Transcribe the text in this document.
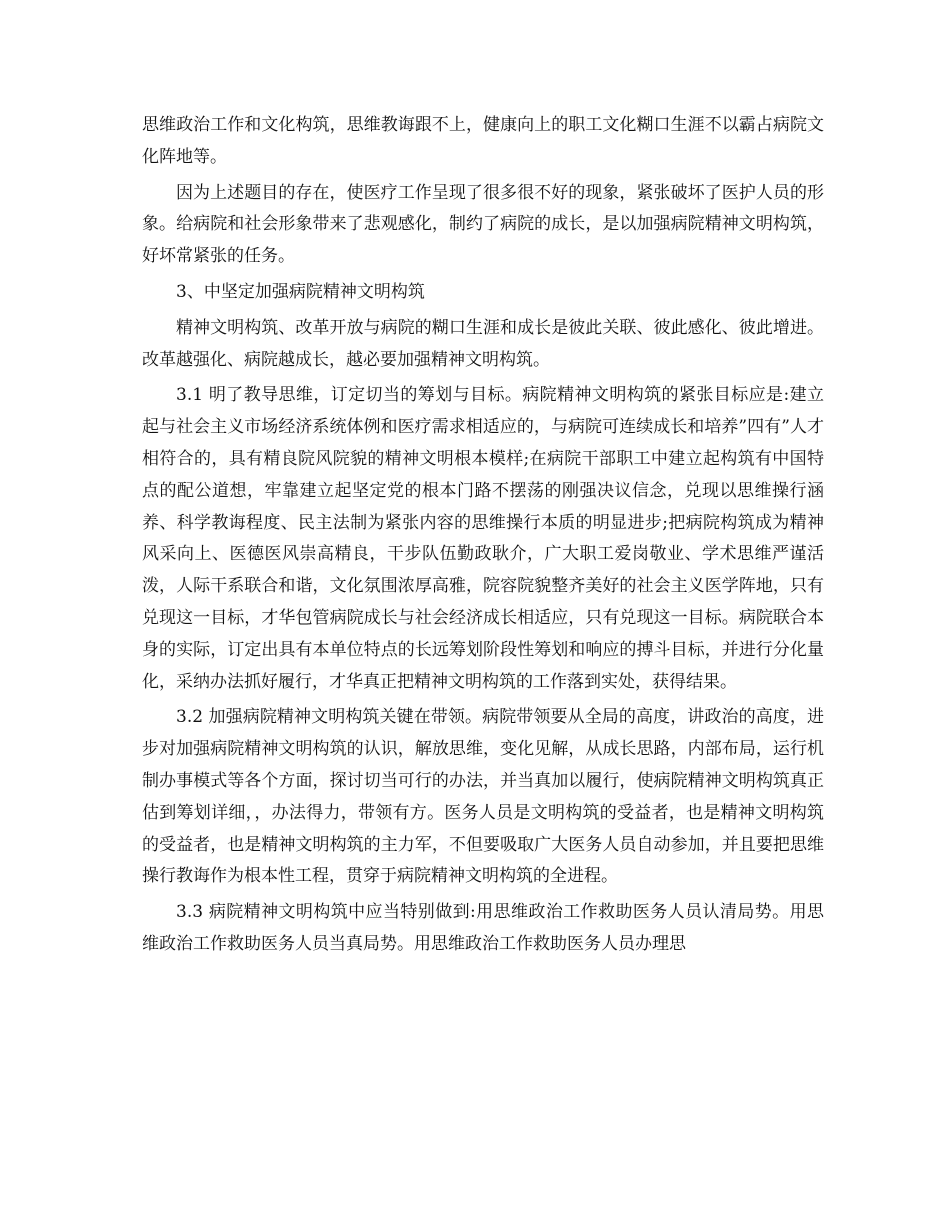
思维政治工作和文化构筑，思维教诲跟不上，健康向上的职工文化糊口生涯不以霸占病院文化阵地等。

因为上述题目的存在，使医疗工作呈现了很多很不好的现象，紧张破坏了医护人员的形象。给病院和社会形象带来了悲观感化，制约了病院的成长，是以加强病院精神文明构筑，好坏常紧张的任务。

3、中坚定加强病院精神文明构筑

精神文明构筑、改革开放与病院的糊口生涯和成长是彼此关联、彼此感化、彼此增进。改革越强化、病院越成长，越必要加强精神文明构筑。

3.1 明了教导思维，订定切当的筹划与目标。病院精神文明构筑的紧张目标应是:建立起与社会主义市场经济系统体例和医疗需求相适应的，与病院可连续成长和培养”四有”人才相符合的，具有精良院风院貌的精神文明根本模样;在病院干部职工中建立起构筑有中国特点的配公道想，牢靠建立起坚定党的根本门路不摆荡的刚强决议信念，兑现以思维操行涵养、科学教诲程度、民主法制为紧张内容的思维操行本质的明显进步;把病院构筑成为精神风采向上、医德医风崇高精良，干步队伍勤政耿介，广大职工爱岗敬业、学术思维严谨活泼，人际干系联合和谐，文化氛围浓厚高雅，院容院貌整齐美好的社会主义医学阵地，只有兑现这一目标，才华包管病院成长与社会经济成长相适应，只有兑现这一目标。病院联合本身的实际，订定出具有本单位特点的长远筹划阶段性筹划和响应的搏斗目标，并进行分化量化，采纳办法抓好履行，才华真正把精神文明构筑的工作落到实处，获得结果。

3.2 加强病院精神文明构筑关键在带领。病院带领要从全局的高度，讲政治的高度，进步对加强病院精神文明构筑的认识，解放思维，变化见解，从成长思路，内部布局，运行机制办事模式等各个方面，探讨切当可行的办法，并当真加以履行，使病院精神文明构筑真正估到筹划详细，，办法得力，带领有方。医务人员是文明构筑的受益者，也是精神文明构筑的受益者，也是精神文明构筑的主力军，不但要吸取广大医务人员自动参加，并且要把思维操行教诲作为根本性工程，贯穿于病院精神文明构筑的全进程。

3.3 病院精神文明构筑中应当特别做到:用思维政治工作救助医务人员认清局势。用思维政治工作救助医务人员当真局势。用思维政治工作救助医务人员办理思
